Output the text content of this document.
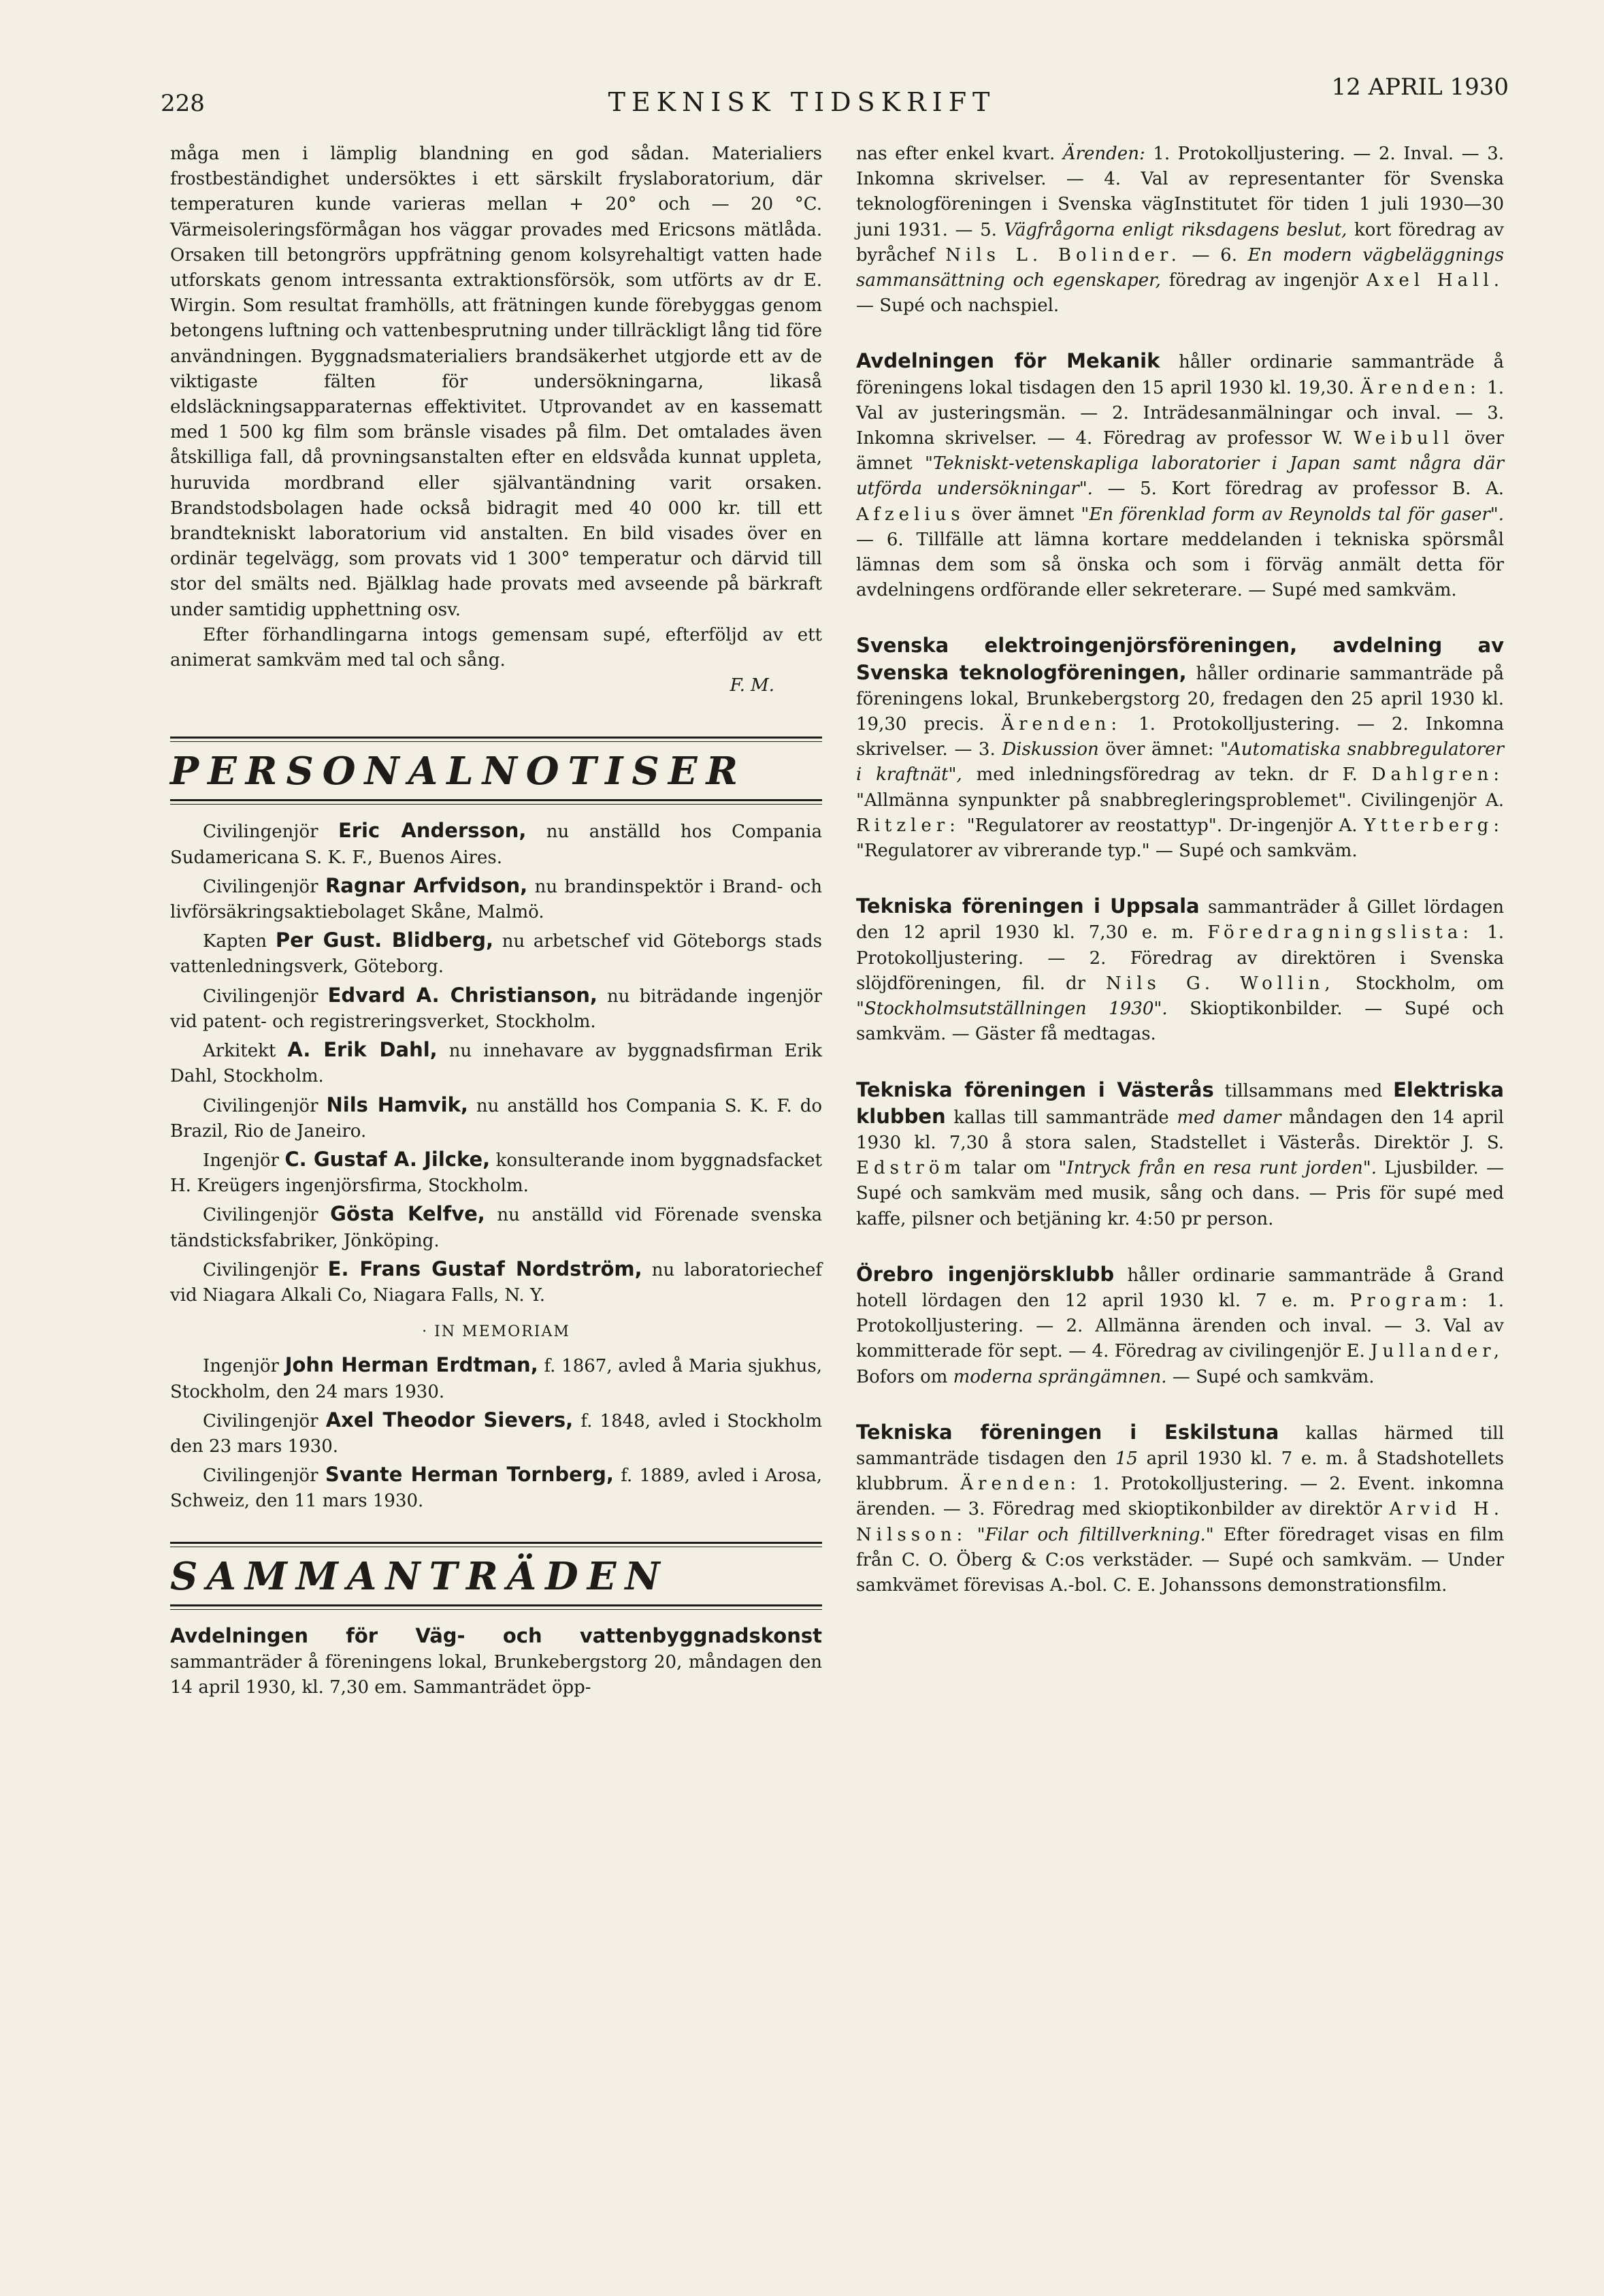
228	TEKNISK TIDSKRIFT	12 APRIL 1930

måga men i lämplig blandning en god sådan. Materialiers frostbeständighet undersöktes i ett särskilt fryslaboratorium, där temperaturen kunde varieras mellan + 20° och — 20 °C. Värmeisoleringsförmågan hos väggar provades med Ericsons mätlåda. Orsaken till betongrörs uppfrätning genom kolsyrehaltigt vatten hade utforskats genom intressanta extraktionsförsök, som utförts av dr E. Wirgin. Som resultat framhölls, att frätningen kunde förebyggas genom betongens luftning och vattenbesprutning under tillräckligt lång tid före användningen. Byggnadsmaterialiers brandsäkerhet utgjorde ett av de viktigaste fälten för undersökningarna, likaså eldsläckningsapparaternas effektivitet. Utprovandet av en kassematt med 1 500 kg film som bränsle visades på film. Det omtalades även åtskilliga fall, då provningsanstalten efter en eldsvåda kunnat uppleta, huruvida mordbrand eller självantändning varit orsaken. Brandstodsbolagen hade också bidragit med 40 000 kr. till ett brandtekniskt laboratorium vid anstalten. En bild visades över en ordinär tegelvägg, som provats vid 1 300° temperatur och därvid till stor del smälts ned. Bjälklag hade provats med avseende på bärkraft under samtidig upphettning osv.

Efter förhandlingarna intogs gemensam supé, efterföljd av ett animerat samkväm med tal och sång.

F. M.

PERSONALNOTISER

Civilingenjör Eric Andersson, nu anställd hos Compania Sudamericana S. K. F., Buenos Aires.

Civilingenjör Ragnar Arfvidson, nu brandinspektör i Brand- och livförsäkringsaktiebolaget Skåne, Malmö.

Kapten Per Gust. Blidberg, nu arbetschef vid Göteborgs stads vattenledningsverk, Göteborg.

Civilingenjör Edvard A. Christianson, nu biträdande ingenjör vid patent- och registreringsverket, Stockholm.

Arkitekt A. Erik Dahl, nu innehavare av byggnadsfirman Erik Dahl, Stockholm.

Civilingenjör Nils Hamvik, nu anställd hos Compania S. K. F. do Brazil, Rio de Janeiro.

Ingenjör C. Gustaf A. Jilcke, konsulterande inom byggnadsfacket H. Kreügers ingenjörsfirma, Stockholm.

Civilingenjör Gösta Kelfve, nu anställd vid Förenade svenska tändsticksfabriker, Jönköping.

Civilingenjör E. Frans Gustaf Nordström, nu laboratoriechef vid Niagara Alkali Co, Niagara Falls, N. Y.

· IN MEMORIAM

Ingenjör John Herman Erdtman, f. 1867, avled å Maria sjukhus, Stockholm, den 24 mars 1930.

Civilingenjör Axel Theodor Sievers, f. 1848, avled i Stockholm den 23 mars 1930.

Civilingenjör Svante Herman Tornberg, f. 1889, avled i Arosa, Schweiz, den 11 mars 1930.

SAMMANTRÄDEN

Avdelningen för Väg- och vattenbyggnadskonst sammanträder å föreningens lokal, Brunkebergstorg 20, måndagen den 14 april 1930, kl. 7,30 em. Sammanträdet öpp-

nas efter enkel kvart. Ärenden: 1. Protokolljustering. — 2. Inval. — 3. Inkomna skrivelser. — 4. Val av representanter för Svenska teknologföreningen i Svenska vägInstitutet för tiden 1 juli 1930—30 juni 1931. — 5. Vägfrågorna enligt riksdagens beslut, kort föredrag av byråchef Nils L. Bolinder. — 6. En modern vägbeläggnings sammansättning och egenskaper, föredrag av ingenjör Axel Hall. — Supé och nachspiel.

Avdelningen för Mekanik håller ordinarie sammanträde å föreningens lokal tisdagen den 15 april 1930 kl. 19,30. Ärenden: 1. Val av justeringsmän. — 2. Inträdesanmälningar och inval. — 3. Inkomna skrivelser. — 4. Föredrag av professor W. Weibull över ämnet "Tekniskt-vetenskapliga laboratorier i Japan samt några där utförda undersökningar". — 5. Kort föredrag av professor B. A. Afzelius över ämnet "En förenklad form av Reynolds tal för gaser". — 6. Tillfälle att lämna kortare meddelanden i tekniska spörsmål lämnas dem som så önska och som i förväg anmält detta för avdelningens ordförande eller sekreterare. — Supé med samkväm.

Svenska elektroingenjörsföreningen, avdelning av Svenska teknologföreningen, håller ordinarie sammanträde på föreningens lokal, Brunkebergstorg 20, fredagen den 25 april 1930 kl. 19,30 precis. Ärenden: 1. Protokolljustering. — 2. Inkomna skrivelser. — 3. Diskussion över ämnet: "Automatiska snabbregulatorer i kraftnät", med inledningsföredrag av tekn. dr F. Dahlgren: "Allmänna synpunkter på snabbregleringsproblemet". Civilingenjör A. Ritzler: "Regulatorer av reostattyp". Dr-ingenjör A. Ytterberg: "Regulatorer av vibrerande typ." — Supé och samkväm.

Tekniska föreningen i Uppsala sammanträder å Gillet lördagen den 12 april 1930 kl. 7,30 e. m. Föredragningslista: 1. Protokolljustering. — 2. Föredrag av direktören i Svenska slöjdföreningen, fil. dr Nils G. Wollin, Stockholm, om "Stockholmsutställningen 1930". Skioptikonbilder. — Supé och samkväm. — Gäster få medtagas.

Tekniska föreningen i Västerås tillsammans med Elektriska klubben kallas till sammanträde med damer måndagen den 14 april 1930 kl. 7,30 å stora salen, Stadstellet i Västerås. Direktör J. S. Edström talar om "Intryck från en resa runt jorden". Ljusbilder. — Supé och samkväm med musik, sång och dans. — Pris för supé med kaffe, pilsner och betjäning kr. 4:50 pr person.

Örebro ingenjörsklubb håller ordinarie sammanträde å Grand hotell lördagen den 12 april 1930 kl. 7 e. m. Program: 1. Protokolljustering. — 2. Allmänna ärenden och inval. — 3. Val av kommitterade för sept. — 4. Föredrag av civilingenjör E. Jullander, Bofors om moderna sprängämnen. — Supé och samkväm.

Tekniska föreningen i Eskilstuna kallas härmed till sammanträde tisdagen den 15 april 1930 kl. 7 e. m. å Stadshotellets klubbrum. Ärenden: 1. Protokolljustering. — 2. Event. inkomna ärenden. — 3. Föredrag med skioptikonbilder av direktör Arvid H. Nilsson: "Filar och filtillverkning." Efter föredraget visas en film från C. O. Öberg & C:os verkstäder. — Supé och samkväm. — Under samkvämet förevisas A.-bol. C. E. Johanssons demonstrationsfilm.
